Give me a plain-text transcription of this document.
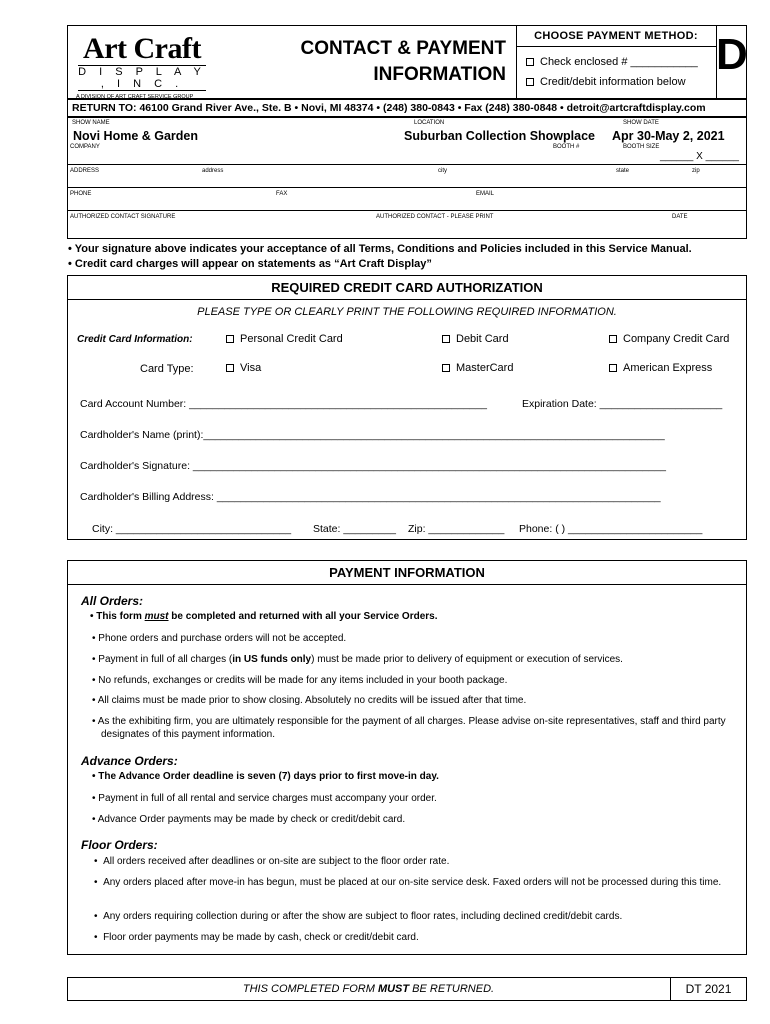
Art Craft
D I S P L A Y , I N C .
A DIVISION OF ART CRAFT SERVICE GROUP
CONTACT & PAYMENT
INFORMATION
CHOOSE PAYMENT METHOD:
Check enclosed # ___________
Credit/debit information below
D
RETURN TO: 46100 Grand River Ave., Ste. B • Novi, MI 48374 • (248) 380-0843 • Fax (248) 380-0848 • detroit@artcraftdisplay.com
SHOW NAME
Novi Home & Garden
LOCATION
Suburban Collection Showplace
SHOW DATE
Apr 30-May 2, 2021
COMPANY	BOOTH #	BOOTH SIZE
______ X ______
ADDRESS	address	city	state	zip
PHONE	FAX	EMAIL
AUTHORIZED CONTACT SIGNATURE	AUTHORIZED CONTACT - PLEASE PRINT	DATE
• Your signature above indicates your acceptance of all Terms, Conditions and Policies included in this Service Manual.
• Credit card charges will appear on statements as “Art Craft Display”
REQUIRED CREDIT CARD AUTHORIZATION
PLEASE TYPE OR CLEARLY PRINT THE FOLLOWING REQUIRED INFORMATION.
Credit Card Information:	Personal Credit Card	Debit Card	Company Credit Card
Card Type:	Visa	MasterCard	American Express
Card Account Number: ___________________________________________________	Expiration Date: _____________________
Cardholder's Name (print):_______________________________________________________________________________
Cardholder's Signature: _________________________________________________________________________________
Cardholder's Billing Address: ____________________________________________________________________________
City: ______________________________ State: _________ Zip: _____________ Phone: ( ) _______________________
PAYMENT INFORMATION
All Orders:
• This form must be completed and returned with all your Service Orders.
• Phone orders and purchase orders will not be accepted.
• Payment in full of all charges (in US funds only) must be made prior to delivery of equipment or execution of services.
• No refunds, exchanges or credits will be made for any items included in your booth package.
• All claims must be made prior to show closing. Absolutely no credits will be issued after that time.
• As the exhibiting firm, you are ultimately responsible for the payment of all charges. Please advise on-site representatives, staff and third party designates of this payment information.
Advance Orders:
• The Advance Order deadline is seven (7) days prior to first move-in day.
• Payment in full of all rental and service charges must accompany your order.
• Advance Order payments may be made by check or credit/debit card.
Floor Orders:
•  All orders received after deadlines or on-site are subject to the floor order rate.
•  Any orders placed after move-in has begun, must be placed at our on-site service desk. Faxed orders will not be processed during this time.
•  Any orders requiring collection during or after the show are subject to floor rates, including declined credit/debit cards.
•  Floor order payments may be made by cash, check or credit/debit card.
THIS COMPLETED FORM MUST BE RETURNED.	DT 2021
